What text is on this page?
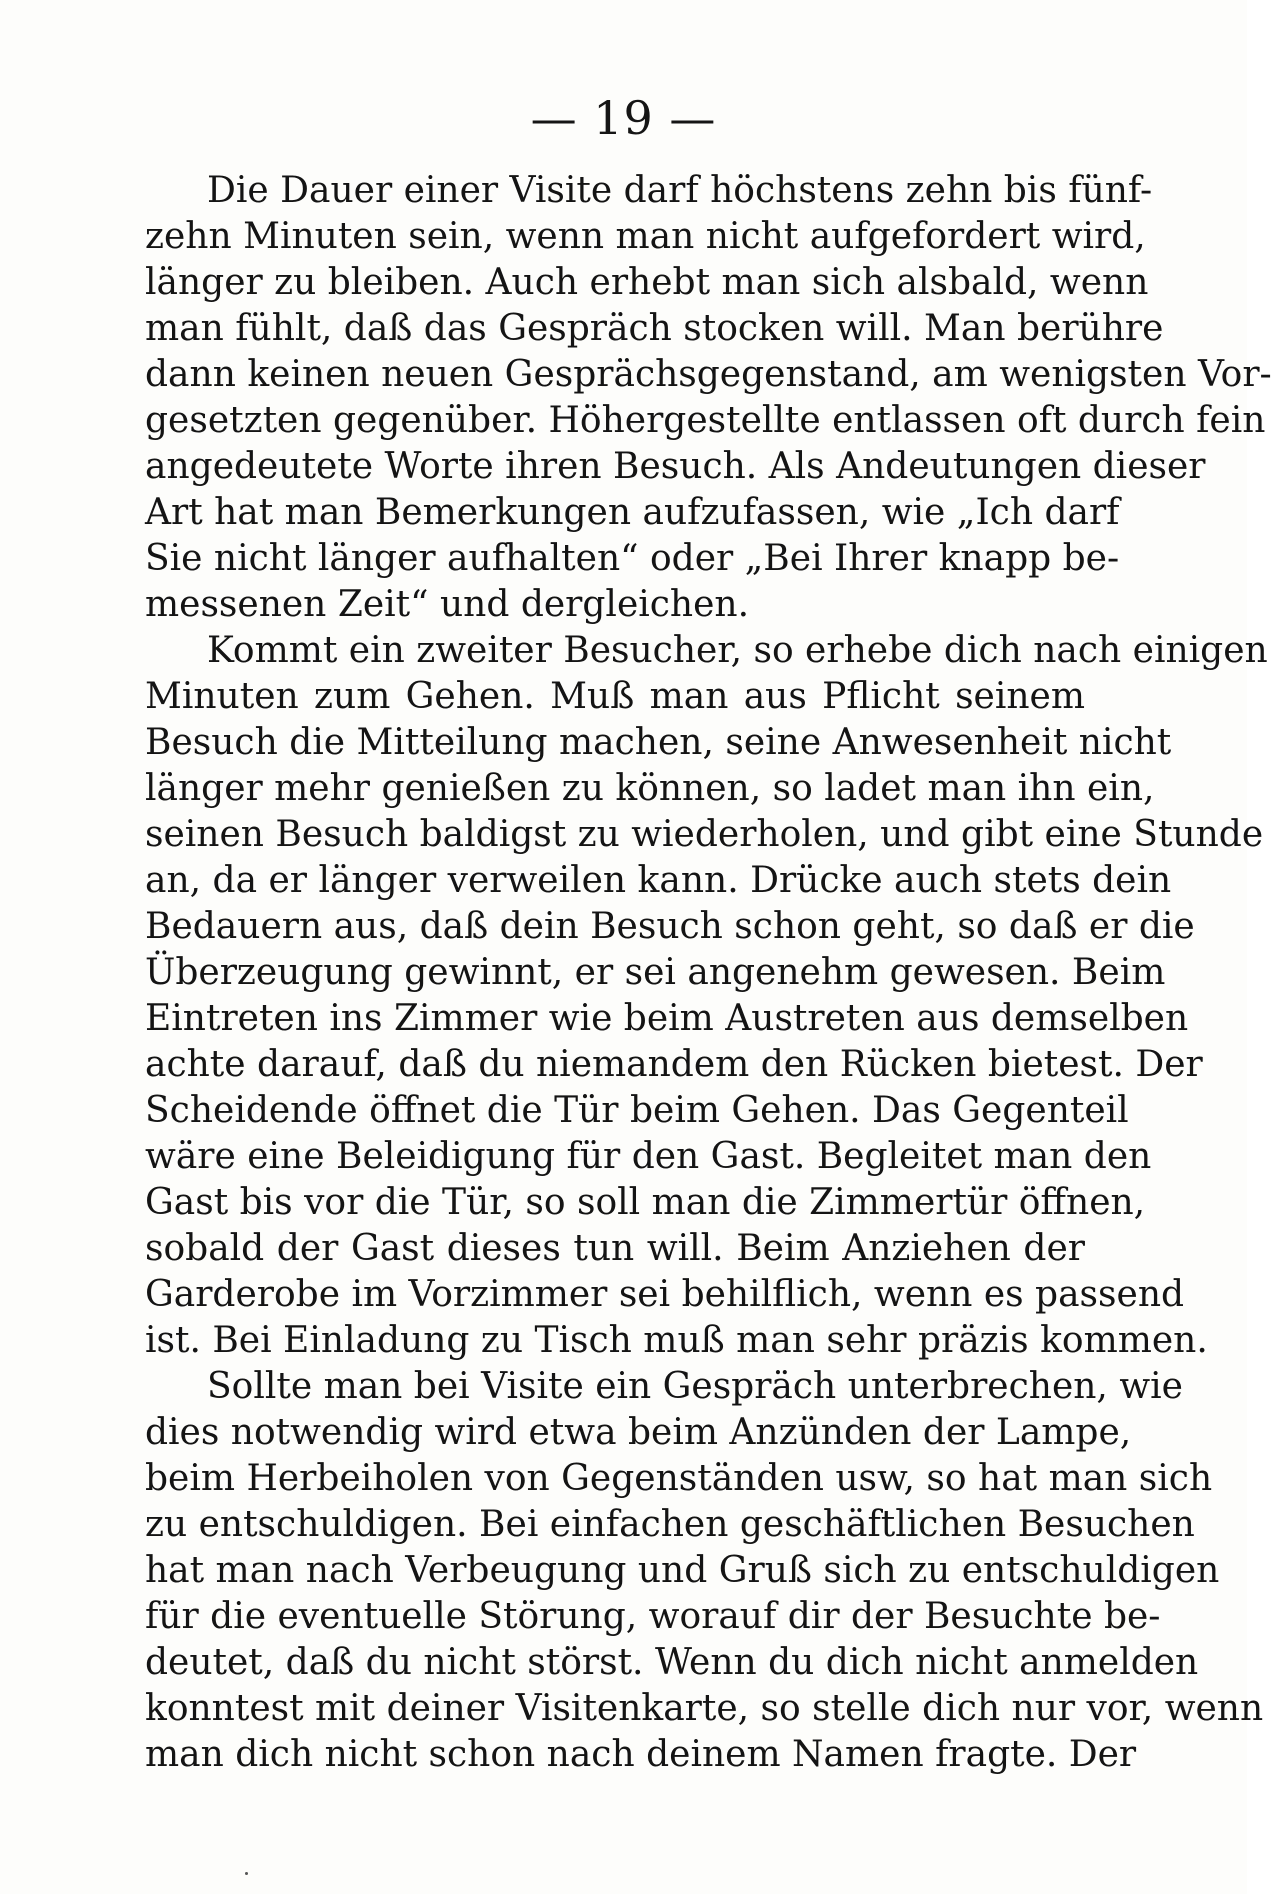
— 19 —
Die Dauer einer Visite darf höchstens zehn bis fünf-
zehn Minuten sein, wenn man nicht aufgefordert wird,
länger zu bleiben. Auch erhebt man sich alsbald, wenn
man fühlt, daß das Gespräch stocken will. Man berühre
dann keinen neuen Gesprächsgegenstand, am wenigsten Vor-
gesetzten gegenüber. Höhergestellte entlassen oft durch fein
angedeutete Worte ihren Besuch. Als Andeutungen dieser
Art hat man Bemerkungen aufzufassen, wie „Ich darf
Sie nicht länger aufhalten“ oder „Bei Ihrer knapp be-
messenen Zeit“ und dergleichen.
Kommt ein zweiter Besucher, so erhebe dich nach einigen
Minuten zum Gehen. Muß man aus Pflicht seinem
Besuch die Mitteilung machen, seine Anwesenheit nicht
länger mehr genießen zu können, so ladet man ihn ein,
seinen Besuch baldigst zu wiederholen, und gibt eine Stunde
an, da er länger verweilen kann. Drücke auch stets dein
Bedauern aus, daß dein Besuch schon geht, so daß er die
Überzeugung gewinnt, er sei angenehm gewesen. Beim
Eintreten ins Zimmer wie beim Austreten aus demselben
achte darauf, daß du niemandem den Rücken bietest. Der
Scheidende öffnet die Tür beim Gehen. Das Gegenteil
wäre eine Beleidigung für den Gast. Begleitet man den
Gast bis vor die Tür, so soll man die Zimmertür öffnen,
sobald der Gast dieses tun will. Beim Anziehen der
Garderobe im Vorzimmer sei behilflich, wenn es passend
ist. Bei Einladung zu Tisch muß man sehr präzis kommen.
Sollte man bei Visite ein Gespräch unterbrechen, wie
dies notwendig wird etwa beim Anzünden der Lampe,
beim Herbeiholen von Gegenständen usw, so hat man sich
zu entschuldigen. Bei einfachen geschäftlichen Besuchen
hat man nach Verbeugung und Gruß sich zu entschuldigen
für die eventuelle Störung, worauf dir der Besuchte be-
deutet, daß du nicht störst. Wenn du dich nicht anmelden
konntest mit deiner Visitenkarte, so stelle dich nur vor, wenn
man dich nicht schon nach deinem Namen fragte. Der
